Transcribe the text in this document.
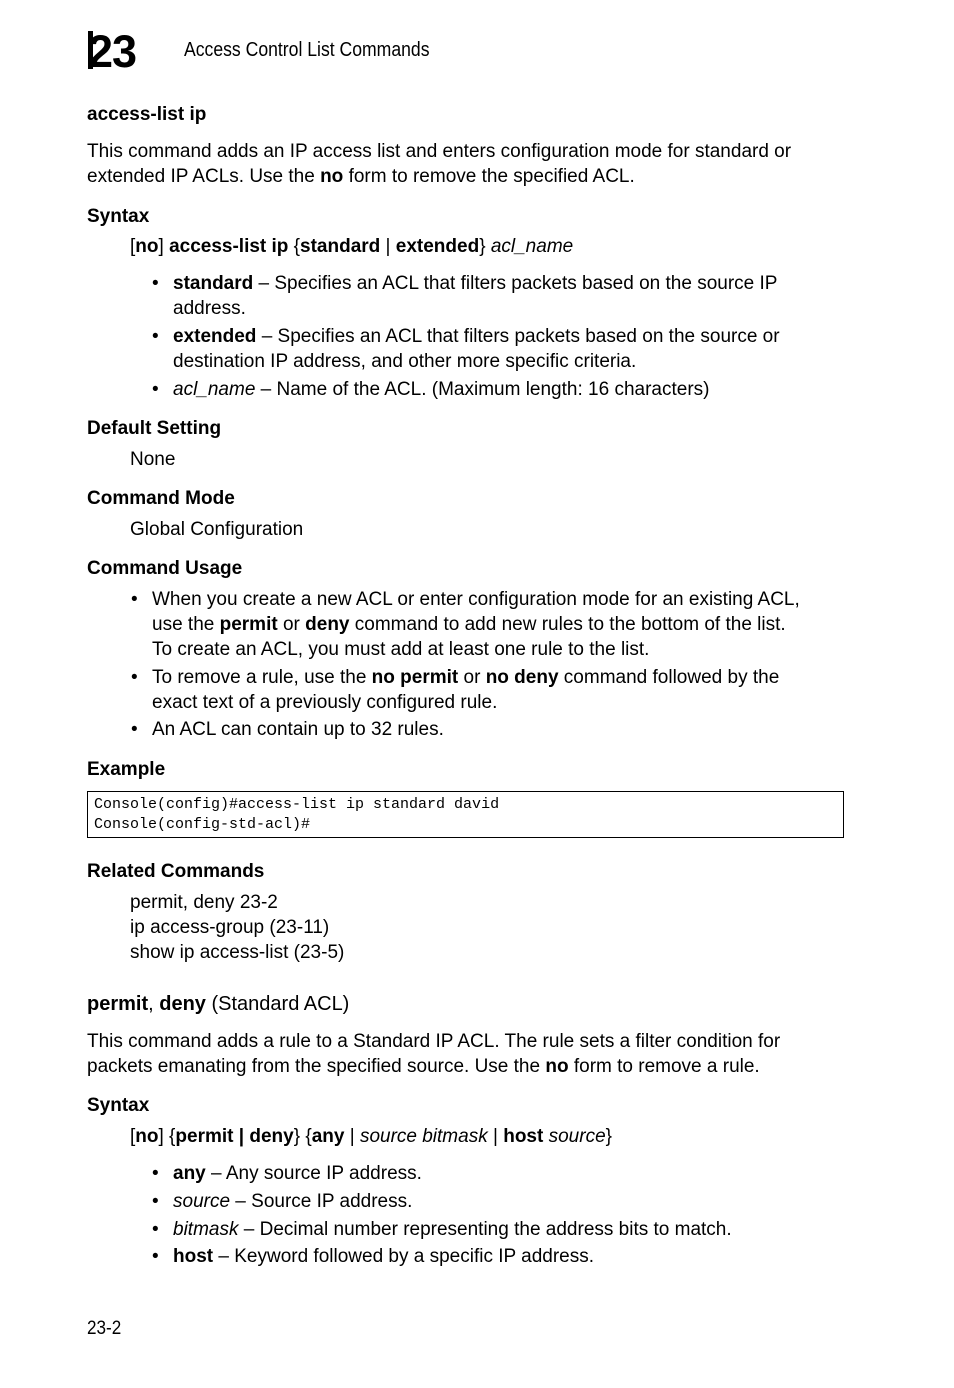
23 Access Control List Commands
access-list ip
This command adds an IP access list and enters configuration mode for standard or
extended IP ACLs. Use the no form to remove the specified ACL.
Syntax
[no] access-list ip {standard | extended} acl_name
• standard – Specifies an ACL that filters packets based on the source IP
address.
• extended – Specifies an ACL that filters packets based on the source or
destination IP address, and other more specific criteria.
• acl_name – Name of the ACL. (Maximum length: 16 characters)
Default Setting
None
Command Mode
Global Configuration
Command Usage
• When you create a new ACL or enter configuration mode for an existing ACL,
use the permit or deny command to add new rules to the bottom of the list.
To create an ACL, you must add at least one rule to the list.
• To remove a rule, use the no permit or no deny command followed by the
exact text of a previously configured rule.
• An ACL can contain up to 32 rules.
Example
Console(config)#access-list ip standard david
Console(config-std-acl)#
Related Commands
permit, deny 23-2
ip access-group (23-11)
show ip access-list (23-5)
permit, deny (Standard ACL)
This command adds a rule to a Standard IP ACL. The rule sets a filter condition for
packets emanating from the specified source. Use the no form to remove a rule.
Syntax
[no] {permit | deny} {any | source bitmask | host source}
• any – Any source IP address.
• source – Source IP address.
• bitmask – Decimal number representing the address bits to match.
• host – Keyword followed by a specific IP address.
23-2
